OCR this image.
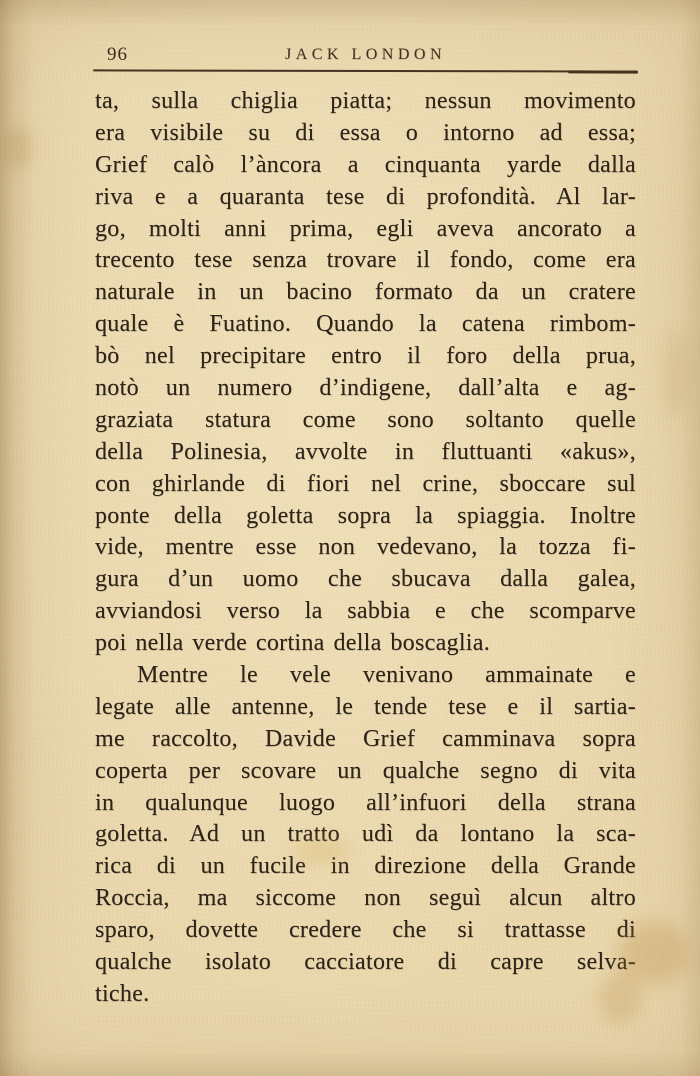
96	JACK LONDON
ta, sulla chiglia piatta; nessun movimento
era visibile su di essa o intorno ad essa;
Grief calò l’àncora a cinquanta yarde dalla
riva e a quaranta tese di profondità. Al lar-
go, molti anni prima, egli aveva ancorato a
trecento tese senza trovare il fondo, come era
naturale in un bacino formato da un cratere
quale è Fuatino. Quando la catena rimbom-
bò nel precipitare entro il foro della prua,
notò un numero d’indigene, dall’alta e ag-
graziata statura come sono soltanto quelle
della Polinesia, avvolte in fluttuanti «akus»,
con ghirlande di fiori nel crine, sboccare sul
ponte della goletta sopra la spiaggia. Inoltre
vide, mentre esse non vedevano, la tozza fi-
gura d’un uomo che sbucava dalla galea,
avviandosi verso la sabbia e che scomparve
poi nella verde cortina della boscaglia.
Mentre le vele venivano ammainate e
legate alle antenne, le tende tese e il sartia-
me raccolto, Davide Grief camminava sopra
coperta per scovare un qualche segno di vita
in qualunque luogo all’infuori della strana
goletta. Ad un tratto udì da lontano la sca-
rica di un fucile in direzione della Grande
Roccia, ma siccome non seguì alcun altro
sparo, dovette credere che si trattasse di
qualche isolato cacciatore di capre selva-
tiche.
